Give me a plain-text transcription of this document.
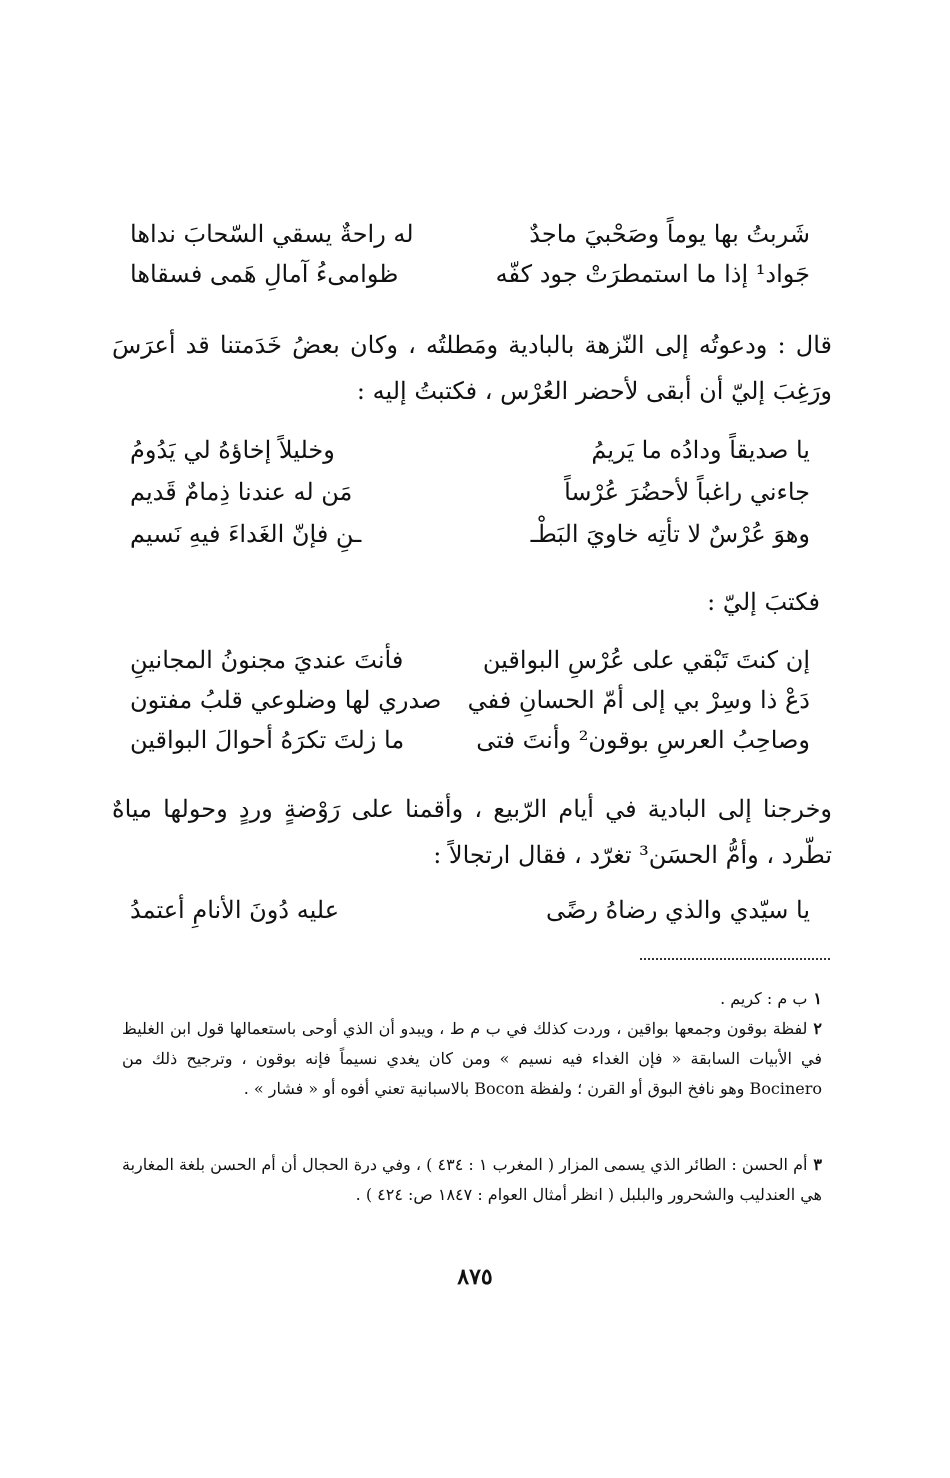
شَربتُ بها يوماً وصَحْبيَ ماجدٌ
له راحةٌ يسقي السّحابَ نداها
جَواد¹ إذا ما استمطرَتْ جود كفّه
ظوامىءُ آمالِ هَمى فسقاها
قال : ودعوتُه إلى النّزهة بالبادية ومَطلتُه ، وكان بعضُ خَدَمتنا قد أعرَسَ ورَغِبَ إليّ أن أبقى لأحضر العُرْس ، فكتبتُ إليه :
يا صديقاً ودادُه ما يَريمُ
وخليلاً إخاؤهُ لي يَدُومُ
جاءني راغباً لأحضُرَ عُرْساً
مَن له عندنا ذِمامٌ قَديم
وهوَ عُرْسٌ لا تأتِه خاويَ البَطْـ
ـنِ فإنّ الغَداءَ فيهِ نَسيم
فكتبَ إليّ :
إن كنتَ تَبْقي على عُرْسِ البواقين
فأنتَ عنديَ مجنونُ المجانينِ
دَعْ ذا وسِرْ بي إلى أمّ الحسانِ ففي
صدري لها وضلوعي قلبُ مفتون
وصاحِبُ العرسِ بوقون² وأنتَ فتى
ما زلتَ تكرَهُ أحوالَ البواقين
وخرجنا إلى البادية في أيام الرّبيع ، وأقمنا على رَوْضةٍ وردٍ وحولها مياهٌ تطّرد ، وأمُّ الحسَن³ تغرّد ، فقال ارتجالاً :
يا سيّدي والذي رضاهُ رضًى
عليه دُونَ الأنامِ أعتمدُ
١ب م : كريم .
٢لفظة بوقون وجمعها بواقين ، وردت كذلك في ب م ط ، ويبدو أن الذي أوحى باستعمالها قول ابن الغليظ في الأبيات السابقة « فإن الغداء فيه نسيم » ومن كان يغدي نسيماً فإنه بوقون ، وترجيح ذلك من Bocinero وهو نافخ البوق أو القرن ؛ ولفظة Bocon بالاسبانية تعني أفوه أو « فشار » .
٣أم الحسن : الطائر الذي يسمى المزار ( المغرب ١ : ٤٣٤ ) ، وفي درة الحجال أن أم الحسن بلغة المغاربة هي العندليب والشحرور والبلبل ( انظر أمثال العوام : ١٨٤٧ ص: ٤٢٤ ) .
٨٧٥
